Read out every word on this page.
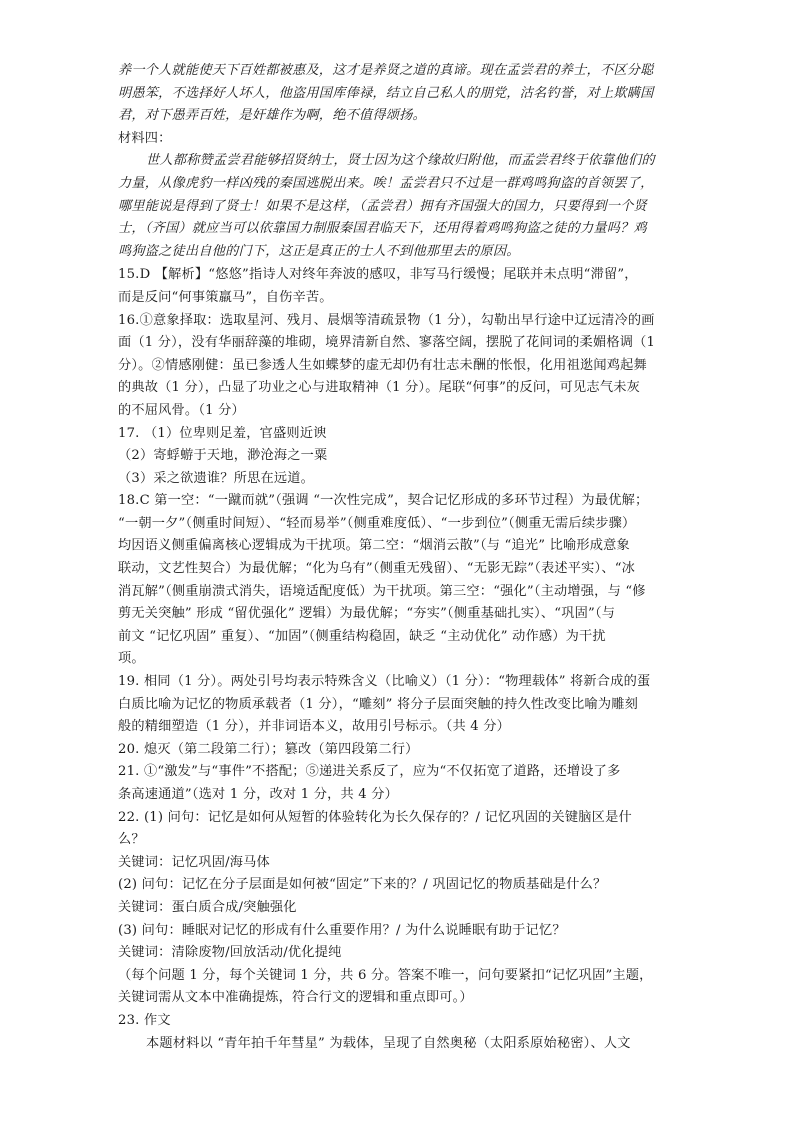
养一个人就能使天下百姓都被惠及，这才是养贤之道的真谛。现在孟尝君的养士，不区分聪
明愚笨，不选择好人坏人，他盗用国库俸禄，结立自己私人的朋党，沽名钓誉，对上欺瞒国
君，对下愚弄百姓，是奸雄作为啊，绝不值得颂扬。
材料四：
世人都称赞孟尝君能够招贤纳士，贤士因为这个缘故归附他，而孟尝君终于依靠他们的
力量，从像虎豹一样凶残的秦国逃脱出来。唉！孟尝君只不过是一群鸡鸣狗盗的首领罢了，
哪里能说是得到了贤士！如果不是这样，（孟尝君）拥有齐国强大的国力，只要得到一个贤
士，（齐国）就应当可以依靠国力制服秦国君临天下，还用得着鸡鸣狗盗之徒的力量吗？鸡
鸣狗盗之徒出自他的门下，这正是真正的士人不到他那里去的原因。
15.D 【解析】“悠悠”指诗人对终年奔波的感叹，非写马行缓慢；尾联并未点明“滞留”，
而是反问“何事策羸马”，自伤辛苦。
16.①意象择取：选取星河、残月、晨烟等清疏景物（1 分），勾勒出早行途中辽远清冷的画
面（1 分），没有华丽辞藻的堆砌，境界清新自然、寥落空阔，摆脱了花间词的柔媚格调（1
分）。②情感刚健：虽已参透人生如蝶梦的虚无却仍有壮志未酬的怅恨，化用祖逖闻鸡起舞
的典故（1 分），凸显了功业之心与进取精神（1 分）。尾联“何事”的反问，可见志气未灰
的不屈风骨。（1 分）
17. （1）位卑则足羞，官盛则近谀
（2）寄蜉蝣于天地，渺沧海之一粟
（3）采之欲遗谁？所思在远道。
18.C 第一空：“一蹴而就”（强调 “一次性完成”，契合记忆形成的多环节过程）为最优解；
“一朝一夕”（侧重时间短）、“轻而易举”（侧重难度低）、“一步到位”（侧重无需后续步骤）
均因语义侧重偏离核心逻辑成为干扰项。第二空：“烟消云散”（与 “追光” 比喻形成意象
联动，文艺性契合）为最优解；“化为乌有”（侧重无残留）、“无影无踪”（表述平实）、“冰
消瓦解”（侧重崩溃式消失，语境适配度低）为干扰项。第三空：“强化”（主动增强，与 “修
剪无关突触” 形成 “留优强化” 逻辑）为最优解；“夯实”（侧重基础扎实）、“巩固”（与
前文 “记忆巩固” 重复）、“加固”（侧重结构稳固，缺乏 “主动优化” 动作感）为干扰
项。
19. 相同（1 分）。两处引号均表示特殊含义（比喻义）（1 分）：“物理载体” 将新合成的蛋
白质比喻为记忆的物质承载者（1 分），“雕刻” 将分子层面突触的持久性改变比喻为雕刻
般的精细塑造（1 分），并非词语本义，故用引号标示。（共 4 分）
20. 熄灭（第二段第二行）；篡改（第四段第二行）
21. ①“激发”与“事件”不搭配；⑤递进关系反了，应为“不仅拓宽了道路，还增设了多
条高速通道”（选对 1 分，改对 1 分，共 4 分）
22. (1) 问句：记忆是如何从短暂的体验转化为长久保存的？/ 记忆巩固的关键脑区是什
么？
关键词：记忆巩固/海马体
(2) 问句：记忆在分子层面是如何被“固定”下来的？/ 巩固记忆的物质基础是什么？
关键词：蛋白质合成/突触强化
(3) 问句：睡眠对记忆的形成有什么重要作用？/ 为什么说睡眠有助于记忆？
关键词：清除废物/回放活动/优化提纯
（每个问题 1 分，每个关键词 1 分，共 6 分。答案不唯一，问句要紧扣“记忆巩固”主题，
关键词需从文本中准确提炼，符合行文的逻辑和重点即可。）
23. 作文
本题材料以 “青年拍千年彗星” 为载体，呈现了自然奥秘（太阳系原始秘密）、人文
